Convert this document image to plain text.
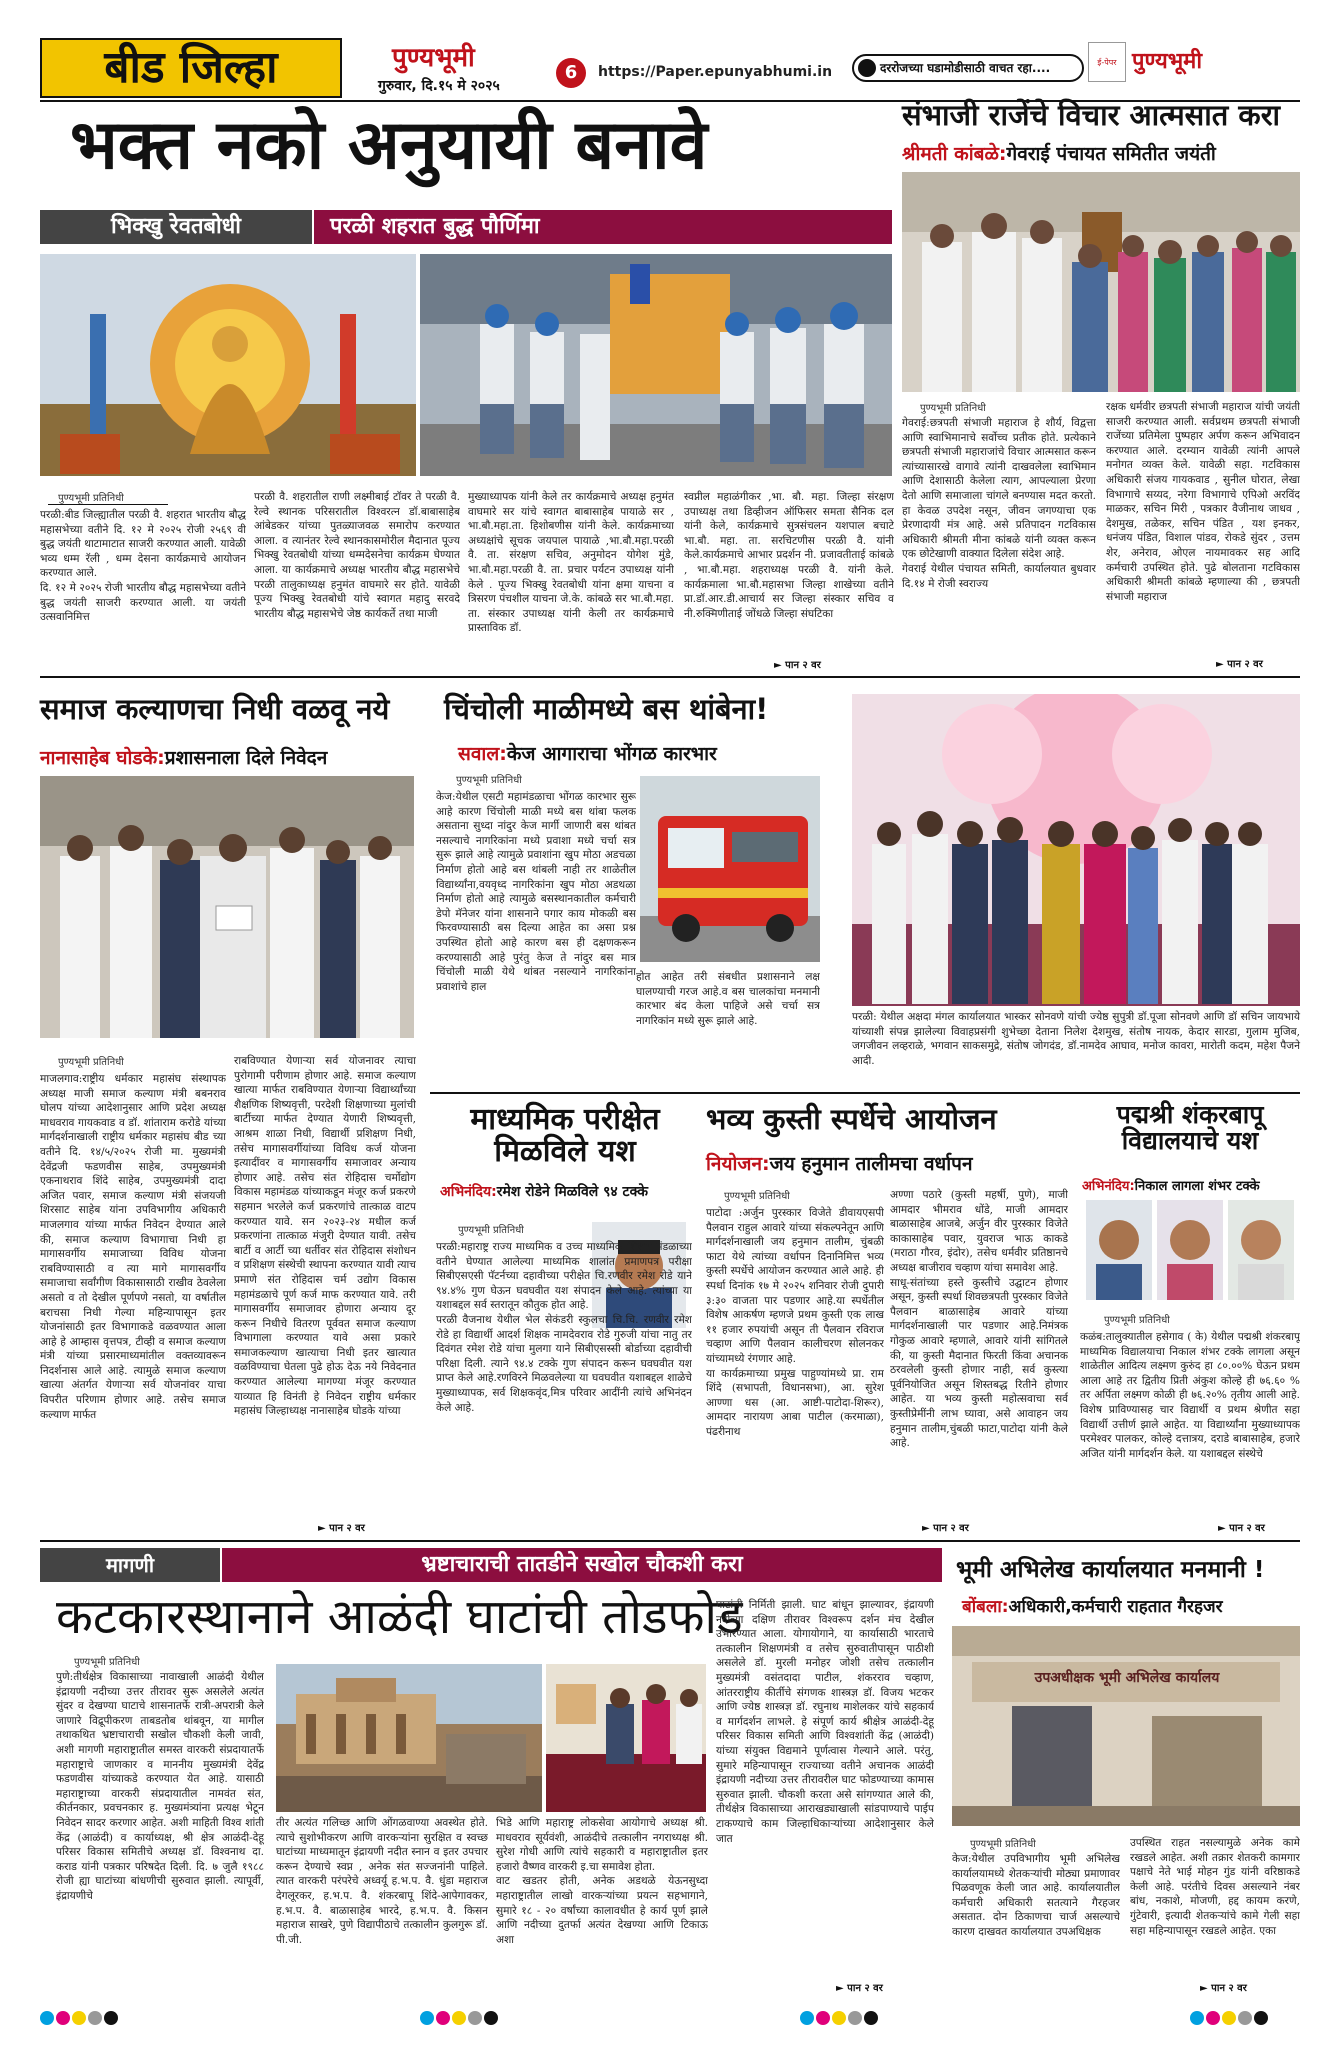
बीड जिल्हा	पुण्यभूमी
गुरुवार, दि.१५ मे २०२५
6	https://Paper.epunyabhumi.in	दररोजच्या घडामोडीसाठी वाचत रहा....	ई-पेपर पुण्यभूमी
भक्त नको अनुयायी बनावे
भिक्खु रेवतबोधी	परळी शहरात बुद्ध पौर्णिमा
पुण्यभूमी प्रतिनिधी
परळी:बीड जिल्ह्यातील परळी वै. शहरात भारतीय बौद्ध महासभेच्या वतीने दि. १२ मे २०२५ रोजी २५६९ वी बुद्ध जयंती थाटामाटात साजरी करण्यात आली. यावेळी भव्य धम्म रॅली , धम्म देसना कार्यक्रमाचे आयोजन करण्यात आले.
दि. १२ मे २०२५ रोजी भारतीय बौद्ध महासभेच्या वतीने बुद्ध जयंती साजरी करण्यात आली. या जयंती उत्सवानिमित्त
परळी वै. शहरातील राणी लक्ष्मीबाई टॉवर ते परळी वै. रेल्वे स्थानक परिसरातील विश्वरत्न डॉ.बाबासाहेब आंबेडकर यांच्या पुतळ्याजवळ समारोप करण्यात आला. व त्यानंतर रेल्वे स्थानकासमोरील मैदानात पूज्य भिक्खु रेवतबोधी यांच्या धम्मदेसनेचा कार्यक्रम घेण्यात आला. या कार्यक्रमाचे अध्यक्ष भारतीय बौद्ध महासभेचे परळी तालुकाध्यक्ष हनुमंत वाघमारे सर होते. यावेळी पूज्य भिक्खु रेवतबोधी यांचे स्वागत महादु सरवदे भारतीय बौद्ध महासभेचे जेष्ठ कार्यकर्ते तथा माजी
मुख्याध्यापक यांनी केले तर कार्यक्रमाचे अध्यक्ष हनुमंत वाघमारे सर यांचे स्वागत बाबासाहेब पायाळे सर , भा.बौ.महा.ता. हिशोबणीस यांनी केले. कार्यक्रमाच्या अध्यक्षांचे सूचक जयपाल पायाळे ,भा.बौ.महा.परळी वै. ता. संरक्षण सचिव, अनुमोदन योगेश मुंडे, भा.बौ.महा.परळी वै. ता. प्रचार पर्यटन उपाध्यक्ष यांनी केले . पूज्य भिक्खु रेवतबोधी यांना क्षमा याचना व त्रिसरण पंचशील याचना जे.के. कांबळे सर भा.बौ.महा. ता. संस्कार उपाध्यक्ष यांनी केली तर कार्यक्रमाचे प्रास्ताविक डॉ.
स्वप्नील महाळंगीकर ,भा. बौ. महा. जिल्हा संरक्षण उपाध्यक्ष तथा डिव्हीजन ऑफिसर समता सैनिक दल यांनी केले, कार्यक्रमाचे सुत्रसंचलन यशपाल बचाटे भा.बौ. महा. ता. सरचिटणीस परळी वै. यांनी केले.कार्यक्रमाचे आभार प्रदर्शन नी. प्रजावतीताई कांबळे , भा.बौ.महा. शहराध्यक्ष परळी वै. यांनी केले. कार्यक्रमाला भा.बौ.महासभा जिल्हा शाखेच्या वतीने प्रा.डॉ.आर.डी.आचार्य सर जिल्हा संस्कार सचिव व नी.रुक्मिणीताई जोंधळे जिल्हा संघटिका
► पान २ वर
संभाजी राजेंचे विचार आत्मसात करा
श्रीमती कांबळे:गेवराई पंचायत समितीत जयंती
पुण्यभूमी प्रतिनिधी
गेवराई:छत्रपती संभाजी महाराज हे शौर्य, विद्वत्ता आणि स्वाभिमानाचे सर्वोच्च प्रतीक होते. प्रत्येकाने छत्रपती संभाजी महाराजांचे विचार आत्मसात करून त्यांच्यासारखे वागावे त्यांनी दाखवलेला स्वाभिमान आणि देशासाठी केलेला त्याग, आपल्याला प्रेरणा देतो आणि समाजाला चांगले बनण्यास मदत करतो. हा केवळ उपदेश नसून, जीवन जगण्याचा एक प्रेरणादायी मंत्र आहे. असे प्रतिपादन गटविकास अधिकारी श्रीमती मीना कांबळे यांनी व्यक्त करून एक छोटेखाणी वाक्यात दिलेला संदेश आहे.
गेवराई येथील पंचायत समिती, कार्यालयात बुधवार दि.१४ मे रोजी स्वराज्य
रक्षक धर्मवीर छत्रपती संभाजी महाराज यांची जयंती साजरी करण्यात आली. सर्वप्रथम छत्रपती संभाजी राजेंच्या प्रतिमेला पुष्पहार अर्पण करून अभिवादन करण्यात आले. दरम्यान यावेळी त्यांनी आपले मनोगत व्यक्त केले. यावेळी सहा. गटविकास अधिकारी संजय गायकवाड , सुनील घोरात, लेखा विभागाचे सय्यद, नरेगा विभागाचे एपिओ अरविंद माळकर, सचिन मिरी , पत्रकार वैजीनाथ जाधव , देशमुख, तळेकर, सचिन पंडित , यश इनकर, धनंजय पंडित, विशाल पांडव, रोकडे सुंदर , उत्तम शेर, अनेराव, ओएल नायमावकर सह आदि कर्मचारी उपस्थित होते. पुढे बोलताना गटविकास अधिकारी श्रीमती कांबळे म्हणाल्या की , छत्रपती संभाजी महाराज
► पान २ वर
समाज कल्याणचा निधी वळवू नये
नानासाहेब घोडके:प्रशासनाला दिले निवेदन
पुण्यभूमी प्रतिनिधी
माजलगाव:राष्ट्रीय धर्मकार महासंघ संस्थापक अध्यक्ष माजी समाज कल्याण मंत्री बबनराव घोलप यांच्या आदेशानुसार आणि प्रदेश अध्यक्ष माधवराव गायकवाड व डॉ. शांताराम करोडे यांच्या मार्गदर्शनाखाली राष्ट्रीय धर्मकार महासंघ बीड च्या वतीने दि. १४/५/२०२५ रोजी मा. मुख्यमंत्री देवेंद्रजी फडणवीस साहेब, उपमुख्यमंत्री एकनाथराव शिंदे साहेब, उपमुख्यमंत्री दादा अजित पवार, समाज कल्याण मंत्री संजयजी शिरसाट साहेब यांना उपविभागीय अधिकारी माजलगाव यांच्या मार्फत निवेदन देण्यात आले की, समाज कल्याण विभागाचा निधी हा मागासवर्गीय समाजाच्या विविध योजना राबविण्यासाठी व त्या मागे मागासवर्गीय समाजाचा सर्वांगीण विकासासाठी राखीव ठेवलेला असतो व तो देखील पूर्णपणे नसतो, या वर्षातील बराचसा निधी गेल्या महिन्यापासून इतर योजनांसाठी इतर विभागाकडे वळवण्यात आला आहे हे आम्हास वृत्तपत्र, टीव्ही व समाज कल्याण मंत्री यांच्या प्रसारमाध्यमांतील वक्तव्यावरून निदर्शनास आले आहे. त्यामुळे समाज कल्याण खात्या अंतर्गत येणाऱ्या सर्व योजनांवर याचा विपरीत परिणाम होणार आहे. तसेच समाज कल्याण मार्फत
राबविण्यात येणाऱ्या सर्व योजनावर त्याचा पुरोगामी परीणाम होणार आहे. समाज कल्याण खात्या मार्फत राबविण्यात येणाऱ्या विद्यार्थ्यांच्या शैक्षणिक शिष्यवृत्ती, परदेशी शिक्षणाच्या मुलांची बार्टीच्या मार्फत देण्यात येणारी शिष्यवृत्ती, आश्रम शाळा निधी, विद्यार्थी प्रशिक्षण निधी, तसेच मागासवर्गीयांच्या विविध कर्ज योजना इत्यादींवर व मागासवर्गीय समाजावर अन्याय होणार आहे. तसेच संत रोहिदास चर्मोद्योग विकास महामंडळ यांच्याकडून मंजूर कर्ज प्रकरणे सहमान भरलेले कर्ज प्रकरणांचे तात्काळ वाटप करण्यात यावे. सन २०२३-२४ मधील कर्ज प्रकरणांना तात्काळ मंजुरी देण्यात यावी. तसेच बार्टी व आर्टी च्या धर्तीवर संत रोहिदास संशोधन व प्रशिक्षण संस्थेची स्थापना करण्यात यावी त्याच प्रमाणे संत रोहिदास चर्म उद्योग विकास महामंडळाचे पूर्ण कर्ज माफ करण्यात यावे. तरी मागासवर्गीय समाजावर होणारा अन्याय दूर करून निधीचे वितरण पूर्ववत समाज कल्याण विभागाला करण्यात यावे असा प्रकारे समाजकल्याण खात्याचा निधी इतर खात्यात वळविण्याचा घेतला पुढे होऊ देऊ नये निवेदनात करण्यात आलेल्या मागण्या मंजूर करण्यात याव्यात हि विनंती हे निवेदन राष्ट्रीय धर्मकार महासंघ जिल्हाध्यक्ष नानासाहेब घोडके यांच्या
► पान २ वर
चिंचोली माळीमध्ये बस थांबेना!
सवाल:केज आगाराचा भोंगळ कारभार
पुण्यभूमी प्रतिनिधी
केज:येथील एसटी महामंडळाचा भोंगळ कारभार सुरू आहे कारण चिंचोली माळी मध्ये बस थांबा फलक असताना सुध्दा नांदुर केज मार्गी जाणारी बस थांबत नसल्याचे नागरिकांना मध्ये प्रवाशा मध्ये चर्चा सत्र सुरू झाले आहे त्यामुळे प्रवाशांना खुप मोठा अडचळा निर्माण होतो आहे बस थांबली नाही तर शाळेतील विद्यार्थ्यांना,वयवृध्द नागरिकांना खुप मोठा अडथळा निर्माण होतो आहे त्यामुळे बसस्थानकातील कर्मचारी डेपो मॅनेजर यांना शासनाने पगार काय मोकळी बस फिरवण्यासाठी बस दिल्या आहेत का असा प्रश्न उपस्थित होतो आहे कारण बस ही दक्षणकरून करण्यासाठी आहे पुरंतु केज ते नांदुर बस मात्र चिंचोली माळी येथे थांबत नसल्याने नागरिकांना प्रवाशांचे हाल
होत आहेत तरी संबधीत प्रशासनाने लक्ष घालण्याची गरज आहे.व बस चालकांचा मनमानी कारभार बंद केला पाहिजे असे चर्चा सत्र नागरिकांन मध्ये सुरू झाले आहे.	परळी: येथील अक्षदा मंगल कार्यालयात भास्कर सोनवणे यांची ज्येष्ठ सुपुत्री डॉ.पूजा सोनवणे आणि डॉ सचिन जायभाये यांच्याशी संपन्न झालेल्या विवाहप्रसंगी शुभेच्छा देताना निलेश देशमुख, संतोष नायक, केदार सारडा, गुलाम मुजिब, जगजीवन लव्हराळे, भगवान साकसमुद्रे, संतोष जोगदंड, डॉ.नामदेव आघाव, मनोज कावरा, मारोती कदम, महेश पैजने आदी.
माध्यमिक परीक्षेत मिळविले यश
अभिनंदिय:रमेश रोडेने मिळविले ९४ टक्के
पुण्यभूमी प्रतिनिधी
परळी:महाराष्ट्र राज्य माध्यमिक व उच्च माध्यमिक शिक्षण मंडळाच्या वतीने घेण्यात आलेल्या माध्यमिक शालांत प्रमाणपत्र परीक्षा सिबीएसएसी पॅटर्नच्या दहावीच्या परीक्षेत चि.रणवीर रमेश रोडे याने ९४.४% गुण घेऊन घवघवीत यश संपादन केले आहे. त्यांच्या या यशाबद्दल सर्व स्तरातून कौतुक होत आहे.
परळी वैजनाथ येथील भेल सेकंडरी स्कुलचा चि.चि. रणवीर रमेश रोडे हा विद्यार्थी आदर्श शिक्षक नामदेवराव रोडे गुरुजी यांचा नातु तर दिवंगत रमेश रोडे यांचा मुलगा याने सिबीएसस्सी बोर्डाच्या दहावीची परिक्षा दिली. त्याने ९४.४ टक्के गुण संपादन करून घवघवीत यश प्राप्त केले आहे.रणविरने मिळवलेल्या या घवघवीत यशाबद्दल शाळेचे मुख्याध्यापक, सर्व शिक्षकवृंद,मित्र परिवार आदींनी त्यांचे अभिनंदन केले आहे.
भव्य कुस्ती स्पर्धेचे आयोजन
नियोजन:जय हनुमान तालीमचा वर्धापन
पुण्यभूमी प्रतिनिधी
पाटोदा :अर्जुन पुरस्कार विजेते डीवायएसपी पैलवान राहुल आवारे यांच्या संकल्पनेतून आणि मार्गदर्शनाखाली जय हनुमान तालीम, चुंबळी फाटा येथे त्यांच्या वर्धापन दिनानिमित्त भव्य कुस्ती स्पर्धेचे आयोजन करण्यात आले आहे. ही स्पर्धा दिनांक १७ मे २०२५ शनिवार रोजी दुपारी ३:३० वाजता पार पडणार आहे.या स्पर्धेतील विशेष आकर्षण म्हणजे प्रथम कुस्ती एक लाख ११ हजार रुपयांची असून ती पैलवान रविराज चव्हाण आणि पैलवान कालीचरण सोलनकर यांच्यामध्ये रंगणार आहे.
या कार्यक्रमाच्या प्रमुख पाहुण्यांमध्ये प्रा. राम शिंदे (सभापती, विधानसभा), आ. सुरेश आण्णा धस (आ. आष्टी-पाटोदा-शिरूर), आमदार नारायण आबा पाटील (करमाळा), पंढरीनाथ
अण्णा पठारे (कुस्ती महर्षी, पुणे), माजी आमदार भीमराव धोंडे, माजी आमदार बाळासाहेब आजबे, अर्जुन वीर पुरस्कार विजेते काकासाहेब पवार, युवराज भाऊ काकडे (मराठा गौरव, इंदोर), तसेच धर्मवीर प्रतिष्ठानचे अध्यक्ष बाजीराव चव्हाण यांचा समावेश आहे.
साधू-संतांच्या हस्ते कुस्तीचे उद्घाटन होणार असून, कुस्ती स्पर्धा शिवछत्रपती पुरस्कार विजेते पैलवान बाळासाहेब आवारे यांच्या मार्गदर्शनाखाली पार पडणार आहे.निमंत्रक गोकुळ आवारे म्हणाले, आवारे यांनी सांगितले की, या कुस्ती मैदानात फिरती किंवा अचानक ठरवलेली कुस्ती होणार नाही, सर्व कुस्त्या पूर्वनियोजित असून शिस्तबद्ध रितीने होणार आहेत. या भव्य कुस्ती महोत्सवाचा सर्व कुस्तीप्रेमींनी लाभ घ्यावा, असे आवाहन जय हनुमान तालीम,चुंबळी फाटा,पाटोदा यांनी केले आहे.
► पान २ वर
पद्मश्री शंकरबापू विद्यालयाचे यश
अभिनंदिय:निकाल लागला शंभर टक्के
पुण्यभूमी प्रतिनिधी
कळंब:तालुक्यातील हसेगाव ( के) येथील पद्मश्री शंकरबापू माध्यमिक विद्यालयाचा निकाल शंभर टक्के लागला असून शाळेतील आदित्य लक्ष्मण कुरुंद हा ८०.००% घेऊन प्रथम आला आहे तर द्वितीय प्रिती अंकुश कोल्हे ही ७६.६० % तर अर्पिता लक्ष्मण कोळी ही ७६.२०% तृतीय आली आहे. विशेष प्राविण्यासह चार विद्यार्थी व प्रथम श्रेणीत सहा विद्यार्थी उत्तीर्ण झाले आहेत. या विद्यार्थ्यांना मुख्याध्यापक परमेश्वर पालकर, कोल्हे दत्तात्रय, दराडे बाबासाहेब, हजारे अजित यांनी मार्गदर्शन केले. या यशाबद्दल संस्थेचे
► पान २ वर
मागणी	भ्रष्टाचाराची तातडीने सखोल चौकशी करा
कटकारस्थानाने आळंदी घाटांची तोडफोड
पुण्यभूमी प्रतिनिधी
पुणे:तीर्थक्षेत्र विकासाच्या नावाखाली आळंदी येथील इंद्रायणी नदीच्या उत्तर तीरावर सुरू असलेले अत्यंत सुंदर व देखण्या घाटाचे शासनातर्फे रात्री-अपरात्री केले जाणारे विद्रूपीकरण ताबडतोब थांबवून, या मागील तथाकथित भ्रष्टाचाराची सखोल चौकशी केली जावी, अशी मागणी महाराष्ट्रातील समस्त वारकरी संप्रदायातर्फे महाराष्ट्राचे जाणकार व माननीय मुख्यमंत्री देवेंद्र फडणवीस यांच्याकडे करण्यात येत आहे. यासाठी महाराष्ट्राच्या वारकरी संप्रदायातील नामवंत संत, कीर्तनकार, प्रवचनकार ह. मुख्यमंत्र्यांना प्रत्यक्ष भेटून निवेदन सादर करणार आहेत. अशी माहिती विश्व शांती केंद्र (आळंदी) व कार्याध्यक्ष, श्री क्षेत्र आळंदी-देहू परिसर विकास समितीचे अध्यक्ष डॉ. विश्वनाथ दा. कराड यांनी पत्रकार परिषदेत दिली. दि. ७ जुलै १९८८ रोजी ह्या घाटांच्या बांधणीची सुरुवात झाली. त्यापूर्वी, इंद्रायणीचे
तीर अत्यंत गलिच्छ आणि ओंगळवाण्या अवस्थेत होते. त्याचे सुशोभीकरण आणि वारकऱ्यांना सुरक्षित व स्वच्छ घाटांच्या माध्यमातून इंद्रायणी नदीत स्नान व इतर उपचार करून देण्याचे स्वप्न , अनेक संत सज्जनांनी पाहिले. त्यात वारकरी परंपरेचे अध्वर्यू ह.भ.प. वै. धुंडा महाराज देगलूरकर, ह.भ.प. वै. शंकरबापू शिंदे-आपेगावकर, ह.भ.प. वै. बाळासाहेब भारदे, ह.भ.प. वै. किसन महाराज साखरे, पुणे विद्यापीठाचे तत्कालीन कुलगुरू डॉ. पी.जी.
भिडे आणि महाराष्ट्र लोकसेवा आयोगाचे अध्यक्ष श्री. माधवराव सूर्यवंशी, आळंदीचे तत्कालीन नगराध्यक्ष श्री. सुरेश गोधी आणि त्यांचे सहकारी व महाराष्ट्रातील इतर हजारो वैष्णव वारकरी इ.चा समावेश होता.
वाट खडतर होती, अनेक अडथळे येऊनसुध्दा महाराष्ट्रातील लाखो वारकऱ्यांच्या प्रयत्न सहभागाने, सुमारे १८ - २० वर्षांच्या कालावधीत हे कार्य पूर्ण झाले आणि नदीच्या दुतर्फा अत्यंत देखण्या आणि टिकाऊ अशा
घाटांची निर्मिती झाली. घाट बांधून झाल्यावर, इंद्रायणी नदीच्या दक्षिण तीरावर विश्वरूप दर्शन मंच देखील उभारण्यात आला. योगायोगाने, या कार्यासाठी भारताचे तत्कालीन शिक्षणमंत्री व तसेच सुरुवातीपासून पाठीशी असलेले डॉ. मुरली मनोहर जोशी तसेच तत्कालीन मुख्यमंत्री वसंतदादा पाटील, शंकरराव चव्हाण, आंतरराष्ट्रीय कीर्तीचे संगणक शास्त्रज्ञ डॉ. विजय भटकर आणि ज्येष्ठ शास्त्रज्ञ डॉ. रघुनाथ माशेलकर यांचे सहकार्य व मार्गदर्शन लाभले. हे संपूर्ण कार्य श्रीक्षेत्र आळंदी-देहू परिसर विकास समिती आणि विश्वशांती केंद्र (आळंदी) यांच्या संयुक्त विद्यमाने पूर्णत्वास गेल्याने आले. परंतु, सुमारे महिन्यापासून राज्याच्या वतीने अचानक आळंदी इंद्रायणी नदीच्या उत्तर तीरावरील घाट फोडण्याच्या कामास सुरुवात झाली. चौकशी करता असे सांगण्यात आले की, तीर्थक्षेत्र विकासाच्या आराखड्याखाली सांडपाण्याचे पाईप टाकण्याचे काम जिल्हाधिकाऱ्यांच्या आदेशानुसार केले जात
► पान २ वर
भूमी अभिलेख कार्यालयात मनमानी !
बोंबला:अधिकारी,कर्मचारी राहतात गैरहजर
उपअधीक्षक भूमी अभिलेख कार्यालय
पुण्यभूमी प्रतिनिधी
केज:येथील उपविभागीय भूमी अभिलेख कार्यालयामध्ये शेतकऱ्यांची मोठ्या प्रमाणावर पिळवणूक केली जात आहे. कार्यालयातील कर्मचारी अधिकारी सतत्याने गैरहजर असतात. दोन ठिकाणचा चार्ज असल्याचे कारण दाखवत कार्यालयात उपअधिक्षक
उपस्थित राहत नसल्यामुळे अनेक कामे रखडले आहेत. अशी तक्रार शेतकरी कामगार पक्षाचे नेते भाई मोहन गुंड यांनी वरिष्ठाकडे केली आहे. परंतीचे दिवस असल्याने नंबर बांध, नकाशे, मोजणी, हद्द कायम करणे, गुंटेवारी, इत्यादी शेतकऱ्यांचे कामे गेली सहा सहा महिन्यापासून रखडले आहेत. एका
► पान २ वर
